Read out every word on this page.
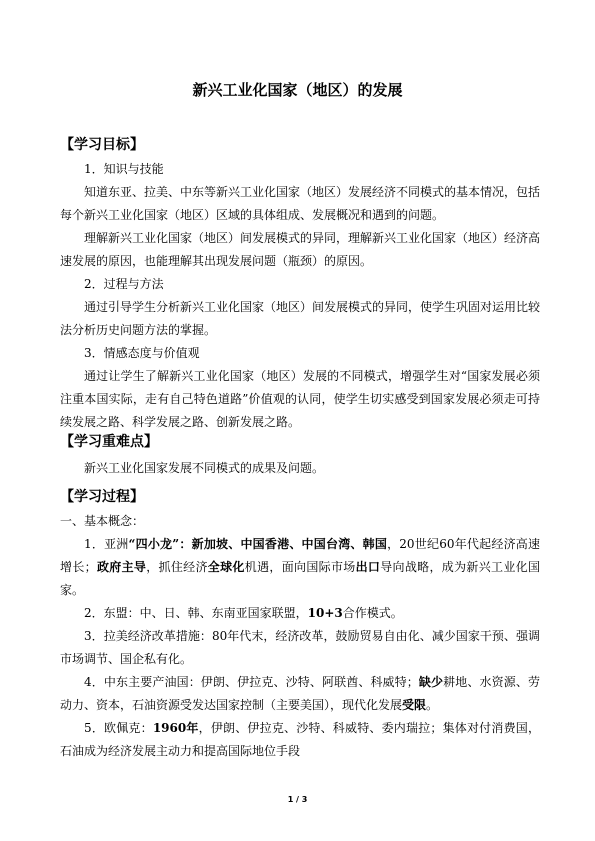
新兴工业化国家（地区）的发展
【学习目标】
1．知识与技能
知道东亚、拉美、中东等新兴工业化国家（地区）发展经济不同模式的基本情况，包括每个新兴工业化国家（地区）区域的具体组成、发展概况和遇到的问题。
理解新兴工业化国家（地区）间发展模式的异同，理解新兴工业化国家（地区）经济高速发展的原因，也能理解其出现发展问题（瓶颈）的原因。
2．过程与方法
通过引导学生分析新兴工业化国家（地区）间发展模式的异同，使学生巩固对运用比较法分析历史问题方法的掌握。
3．情感态度与价值观
通过让学生了解新兴工业化国家（地区）发展的不同模式，增强学生对“国家发展必须注重本国实际，走有自己特色道路”价值观的认同，使学生切实感受到国家发展必须走可持续发展之路、科学发展之路、创新发展之路。
【学习重难点】
新兴工业化国家发展不同模式的成果及问题。
【学习过程】
一、基本概念：
1．亚洲“四小龙”：新加坡、中国香港、中国台湾、韩国，20世纪60年代起经济高速增长；政府主导，抓住经济全球化机遇，面向国际市场出口导向战略，成为新兴工业化国家。
2．东盟：中、日、韩、东南亚国家联盟，10+3合作模式。
3．拉美经济改革措施：80年代末，经济改革，鼓励贸易自由化、减少国家干预、强调市场调节、国企私有化。
4．中东主要产油国：伊朗、伊拉克、沙特、阿联酋、科威特；缺少耕地、水资源、劳动力、资本，石油资源受发达国家控制（主要美国），现代化发展受限。
5．欧佩克：1960年，伊朗、伊拉克、沙特、科威特、委内瑞拉；集体对付消费国，石油成为经济发展主动力和提高国际地位手段
1 / 3
